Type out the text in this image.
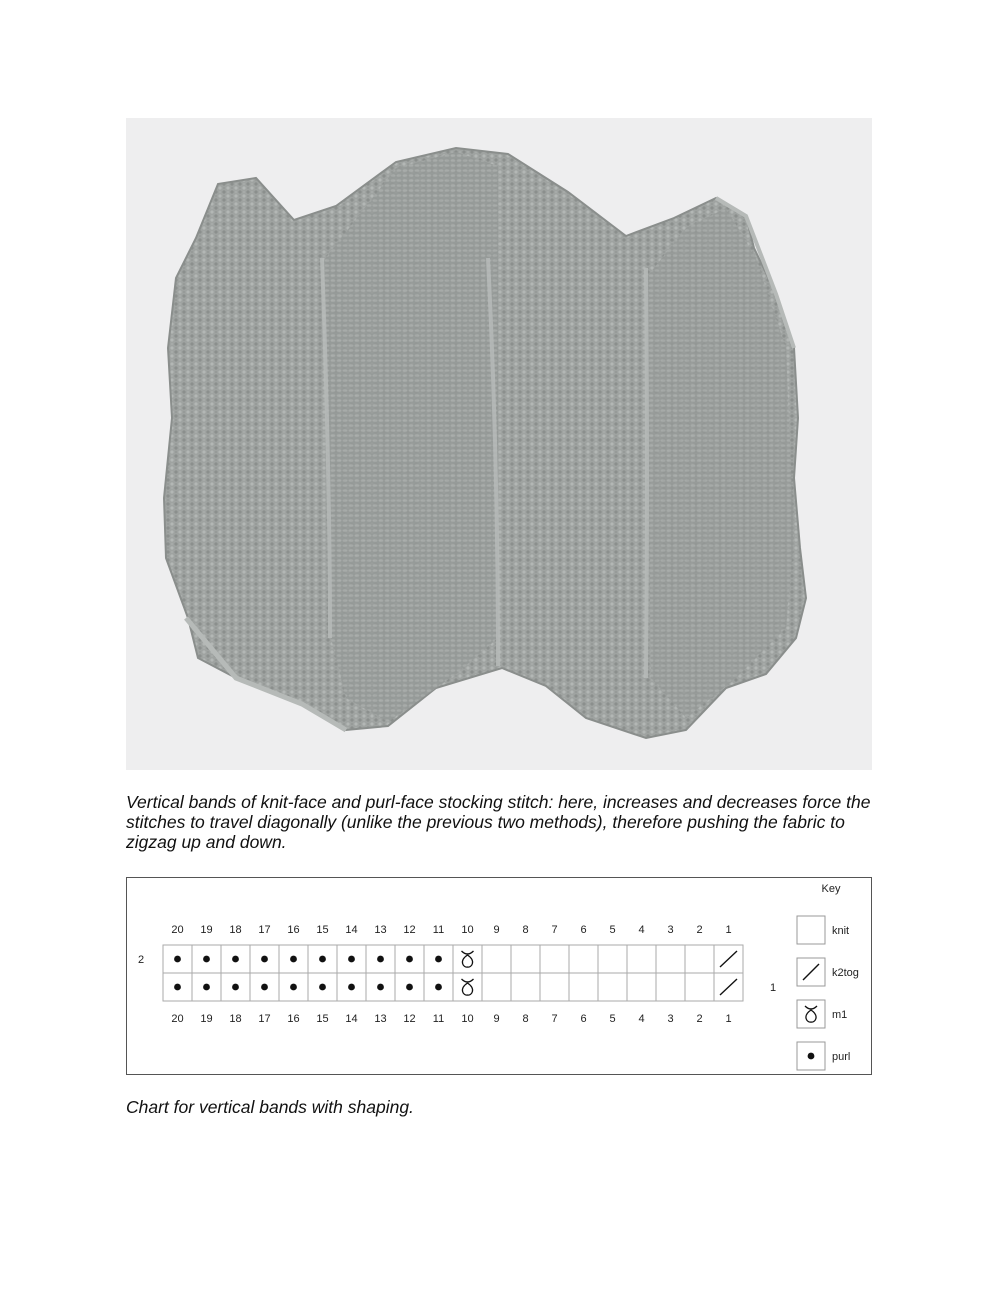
Vertical bands of knit-face and purl-face stocking stitch: here, increases and decreases force the stitches to travel diagonally (unlike the previous two methods), therefore pushing the fabric to zigzag up and down.

20
20
19
19
18
18
17
17
16
16
15
15
14
14
13
13
12
12
11
11
10
10
9
9
8
8
7
7
6
6
5
5
4
4
3
3
2
2
1
1
2
1
Key
knit
k2tog
m1
purl

Chart for vertical bands with shaping.
